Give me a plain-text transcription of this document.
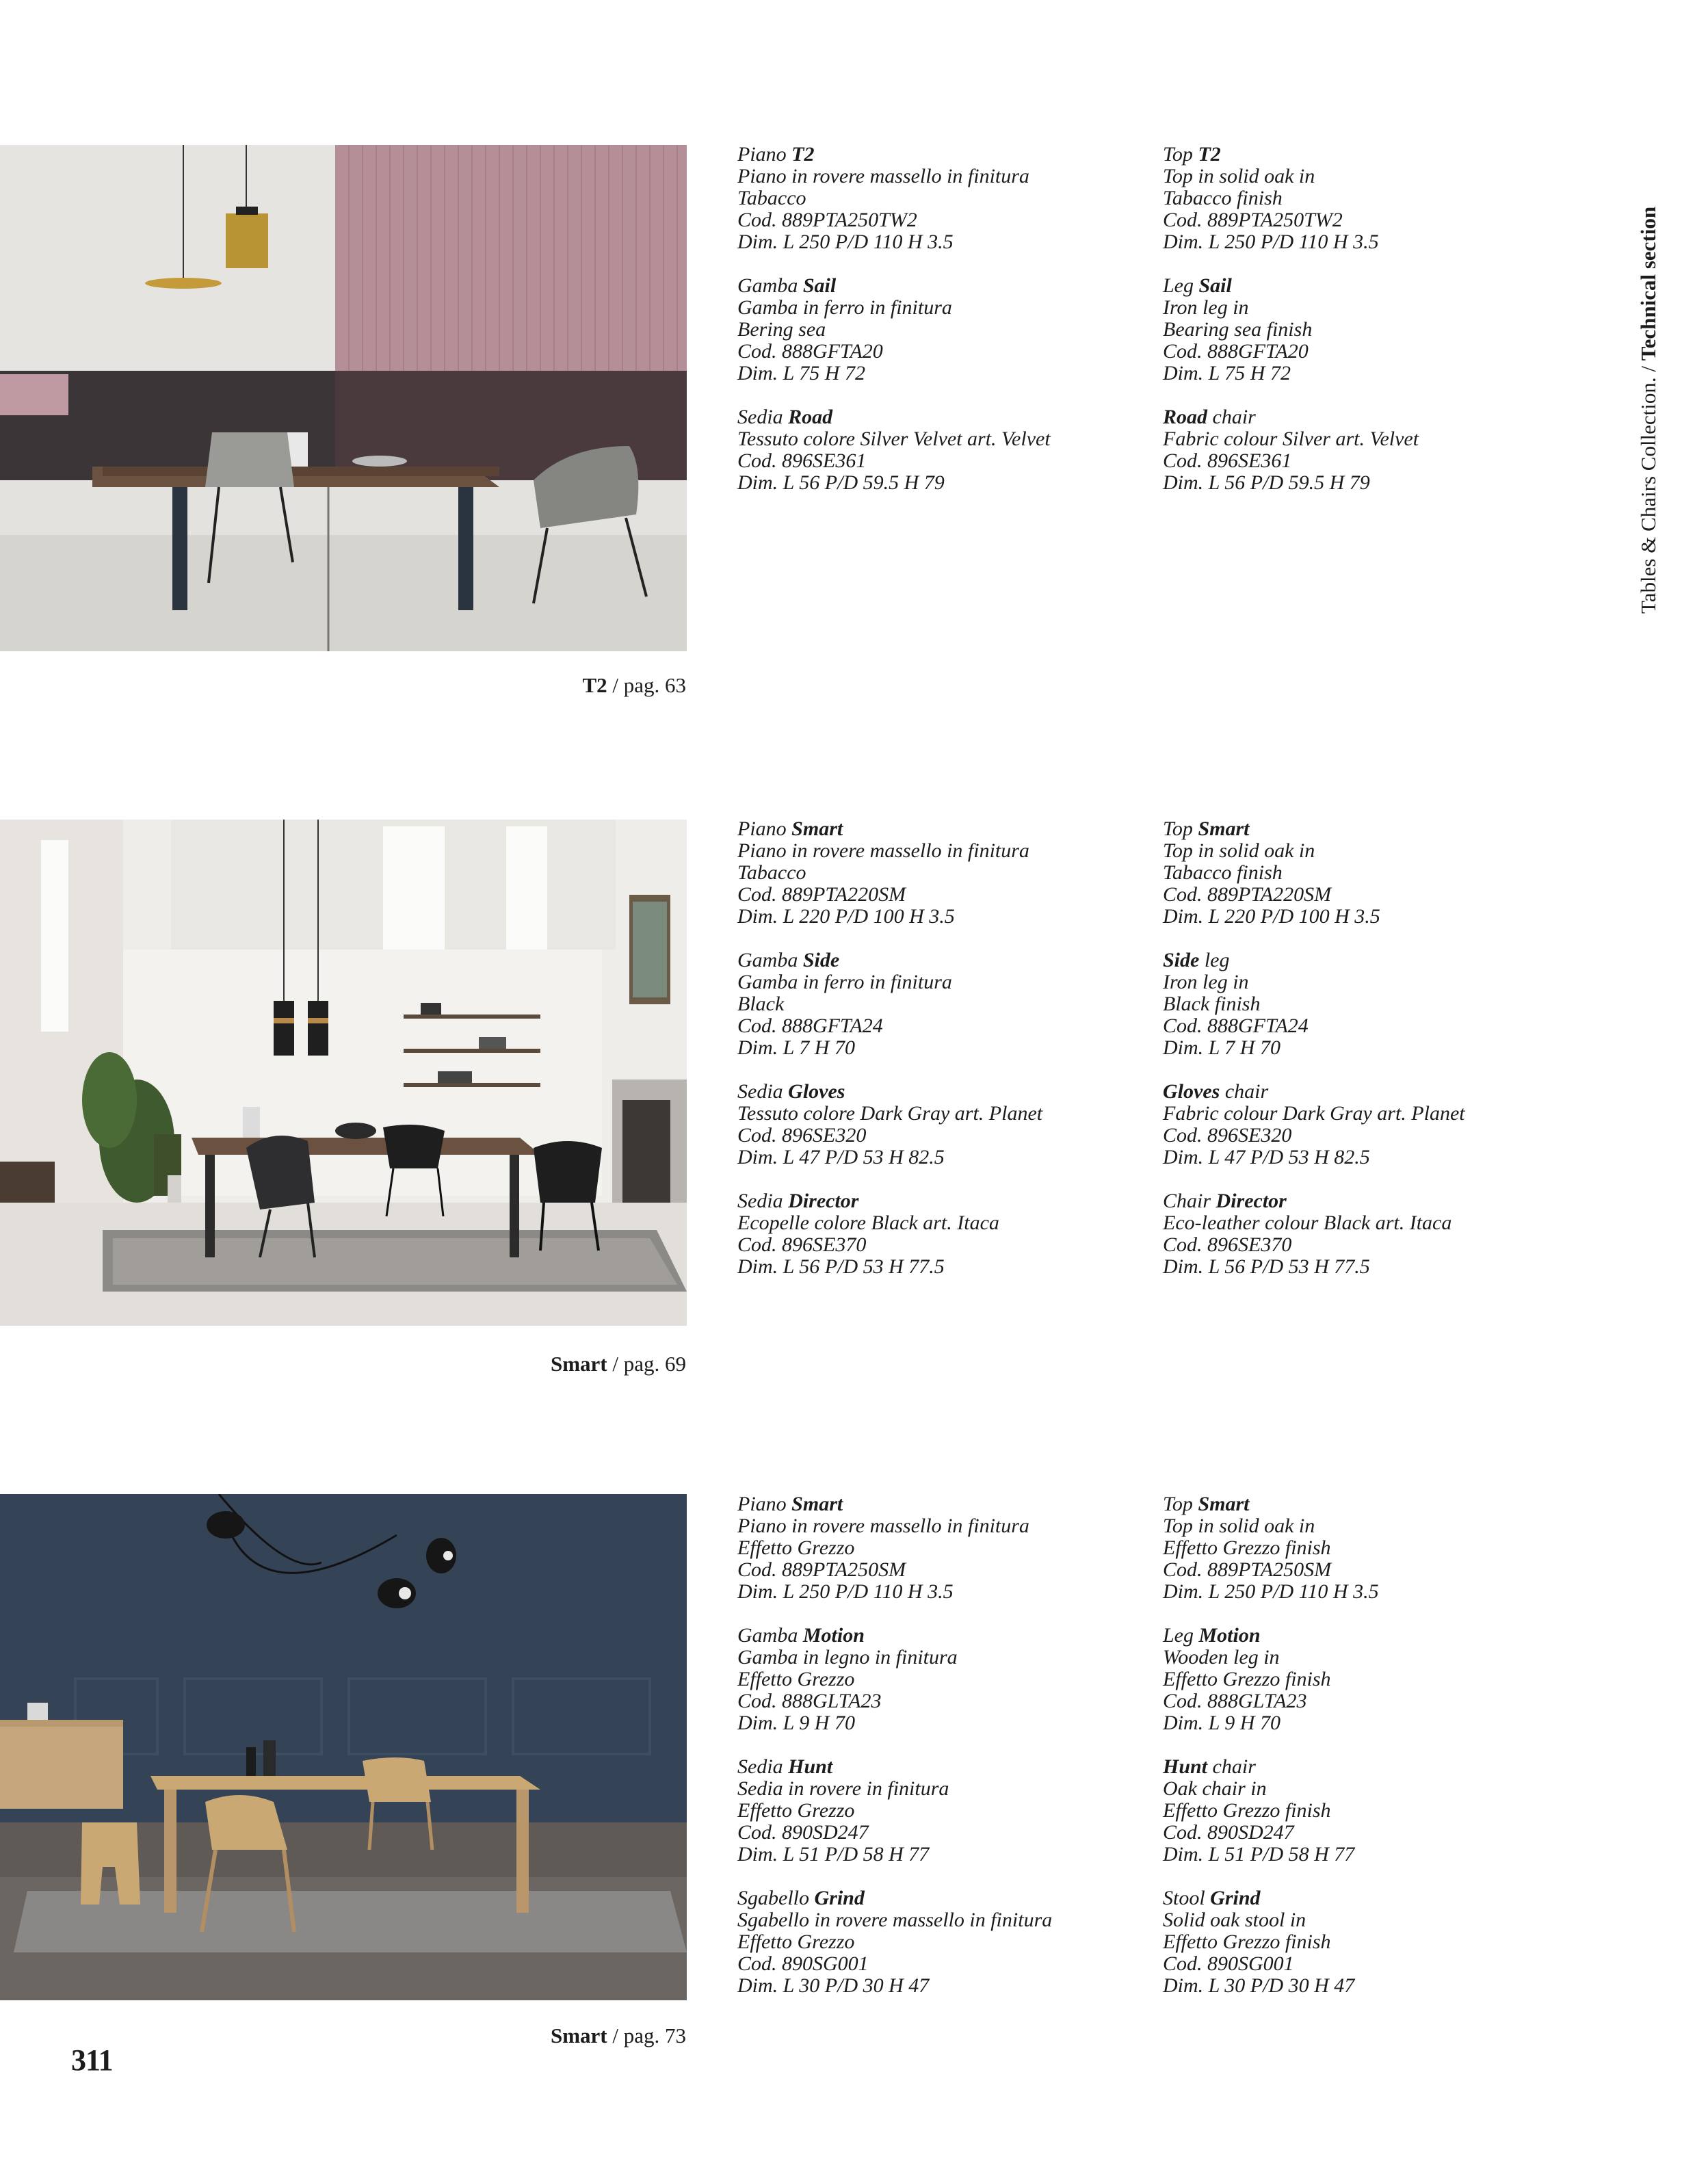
T2 / pag. 63
Smart / pag. 69
Smart / pag. 73
Piano T2
Piano in rovere massello in finitura
Tabacco
Cod. 889PTA250TW2
Dim. L 250 P/D 110 H 3.5
Gamba Sail
Gamba in ferro in finitura
Bering sea
Cod. 888GFTA20
Dim. L 75 H 72
Sedia Road
Tessuto colore Silver Velvet art. Velvet
Cod. 896SE361
Dim. L 56 P/D 59.5 H 79
Top T2
Top in solid oak in
Tabacco finish
Cod. 889PTA250TW2
Dim. L 250 P/D 110 H 3.5
Leg Sail
Iron leg in
Bearing sea finish
Cod. 888GFTA20
Dim. L 75 H 72
Road chair
Fabric colour Silver art. Velvet
Cod. 896SE361
Dim. L 56 P/D 59.5 H 79
Piano Smart
Piano in rovere massello in finitura
Tabacco
Cod. 889PTA220SM
Dim. L 220 P/D 100 H 3.5
Gamba Side
Gamba in ferro in finitura
Black
Cod. 888GFTA24
Dim. L 7 H 70
Sedia Gloves
Tessuto colore Dark Gray art. Planet
Cod. 896SE320
Dim. L 47 P/D 53 H 82.5
Sedia Director
Ecopelle colore Black art. Itaca
Cod. 896SE370
Dim. L 56 P/D 53 H 77.5
Top Smart
Top in solid oak in
Tabacco finish
Cod. 889PTA220SM
Dim. L 220 P/D 100 H 3.5
Side leg
Iron leg in
Black finish
Cod. 888GFTA24
Dim. L 7 H 70
Gloves chair
Fabric colour Dark Gray art. Planet
Cod. 896SE320
Dim. L 47 P/D 53 H 82.5
Chair Director
Eco-leather colour Black art. Itaca
Cod. 896SE370
Dim. L 56 P/D 53 H 77.5
Piano Smart
Piano in rovere massello in finitura
Effetto Grezzo
Cod. 889PTA250SM
Dim. L 250 P/D 110 H 3.5
Gamba Motion
Gamba in legno in finitura
Effetto Grezzo
Cod. 888GLTA23
Dim. L 9 H 70
Sedia Hunt
Sedia in rovere in finitura
Effetto Grezzo
Cod. 890SD247
Dim. L 51 P/D 58 H 77
Sgabello Grind
Sgabello in rovere massello in finitura
Effetto Grezzo
Cod. 890SG001
Dim. L 30 P/D 30 H 47
Top Smart
Top in solid oak in
Effetto Grezzo finish
Cod. 889PTA250SM
Dim. L 250 P/D 110 H 3.5
Leg Motion
Wooden leg in
Effetto Grezzo finish
Cod. 888GLTA23
Dim. L 9 H 70
Hunt chair
Oak chair in
Effetto Grezzo finish
Cod. 890SD247
Dim. L 51 P/D 58 H 77
Stool Grind
Solid oak stool in
Effetto Grezzo finish
Cod. 890SG001
Dim. L 30 P/D 30 H 47
Tables & Chairs Collection. / Technical section
311
